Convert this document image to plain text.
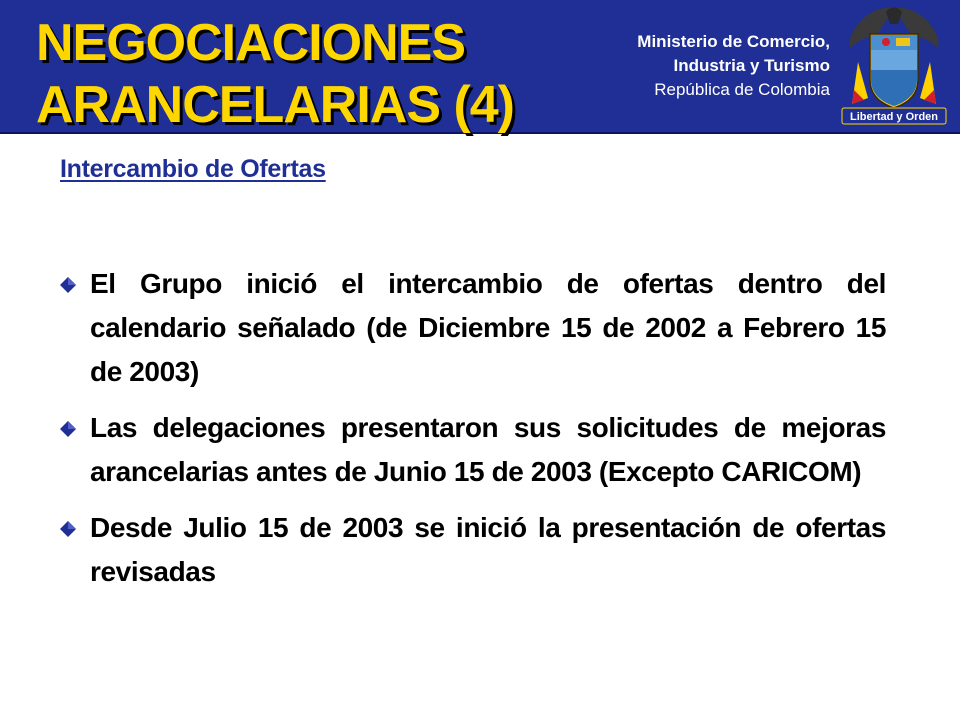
NEGOCIACIONES
ARANCELARIAS (4)
Ministerio de Comercio,
Industria y Turismo
República de Colombia
Libertad y Orden
Intercambio de Ofertas
El Grupo inició el intercambio de ofertas dentro del calendario señalado (de Diciembre 15 de 2002 a Febrero 15 de 2003)
Las delegaciones presentaron sus solicitudes de mejoras arancelarias antes de Junio 15 de 2003 (Excepto CARICOM)
Desde Julio 15 de 2003 se inició la presentación de ofertas revisadas
